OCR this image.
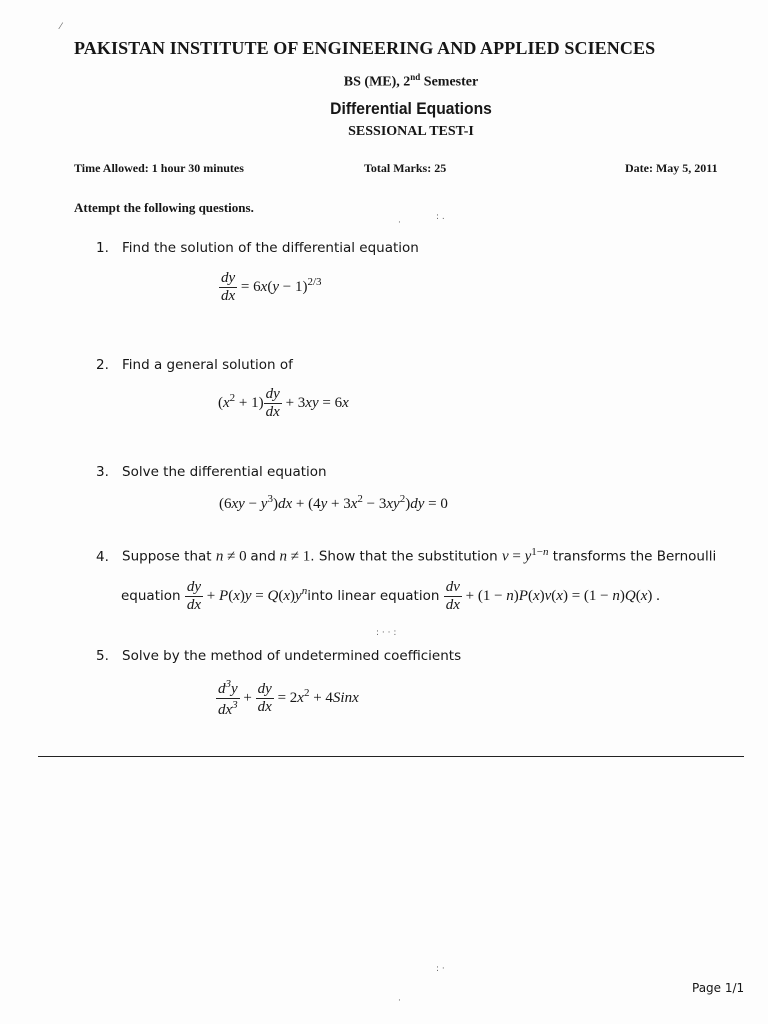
PAKISTAN INSTITUTE OF ENGINEERING AND APPLIED SCIENCES
BS (ME), 2nd Semester
Differential Equations
SESSIONAL TEST-I
Time Allowed: 1 hour 30 minutes	Total Marks: 25	Date: May 5, 2011
Attempt the following questions.
1. Find the solution of the differential equation
$\frac{dy}{dx} = 6x(y - 1)^{2/3}$
2. Find a general solution of
$(x^2 + 1) \frac{dy}{dx} + 3xy = 6x$
3. Solve the differential equation
$(6xy - y^3)dx + (4y + 3x^2 - 3xy^2)dy = 0$
4. Suppose that n ≠ 0 and n ≠ 1. Show that the substitution $v = y^{1-n}$ transforms the Bernoulli
equation $\frac{dy}{dx} + P(x)y$ = $Q(x)y^ninto$ linear equation $\frac{dv}{dx} + (1 - n)P(x)v(x) = (1 - n)Q(x)$ .
5. Solve by the method of undetermined coefficients
$\frac{d^3y}{dx^3} + \frac{dy}{dx} = 2x^2$ + 4Sinx
Page 1/1
⁄
·
: .
: · · :
: ·
·
